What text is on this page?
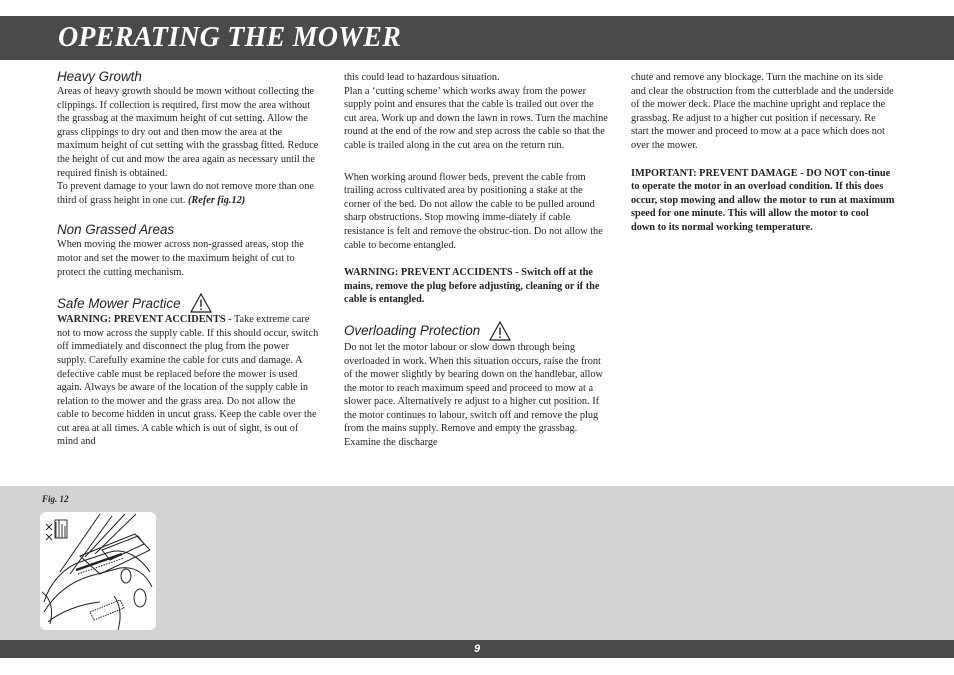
OPERATING THE MOWER
Heavy Growth

Areas of heavy growth should be mown without collecting the clippings. If collection is required, first mow the area without the grassbag at the maximum height of cut setting. Allow the grass clippings to dry out and then mow the area at the maximum height of cut setting with the grassbag fitted. Reduce the height of cut and mow the area again as necessary until the required finish is obtained.

To prevent damage to your lawn do not remove more than one third of grass height in one cut. (Refer fig.12)

Non Grassed Areas

When moving the mower across non-grassed areas, stop the motor and set the mower to the maximum height of cut to protect the cutting mechanism.

Safe Mower Practice

WARNING: PREVENT ACCIDENTS - Take extreme care not to mow across the supply cable. If this should occur, switch off immediately and disconnect the plug from the power supply. Carefully examine the cable for cuts and damage. A defective cable must be replaced before the mower is used again. Always be aware of the location of the supply cable in relation to the mower and the grass area. Do not allow the cable to become hidden in uncut grass. Keep the cable over the cut area at all times. A cable which is out of sight, is out of mind and

this could lead to hazardous situation.

Plan a ‘cutting scheme’ which works away from the power supply point and ensures that the cable is trailed out over the cut area. Work up and down the lawn in rows. Turn the machine round at the end of the row and step across the cable so that the cable is trailed along in the cut area on the return run.

When working around flower beds, prevent the cable from trailing across cultivated area by positioning a stake at the corner of the bed. Do not allow the cable to be pulled around sharp obstructions. Stop mowing imme-diately if cable resistance is felt and remove the obstruc-tion. Do not allow the cable to become entangled.

WARNING: PREVENT ACCIDENTS - Switch off at the mains, remove the plug before adjusting, cleaning or if the cable is entangled.

Overloading Protection

Do not let the motor labour or slow down through being overloaded in work. When this situation occurs, raise the front of the mower slightly by bearing down on the handlebar, allow the motor to reach maximum speed and proceed to mow at a slower pace. Alternatively re adjust to a higher cut position. If the motor continues to labour, switch off and remove the plug from the mains supply. Remove and empty the grassbag. Examine the discharge

chute and remove any blockage. Turn the machine on its side and clear the obstruction from the cutterblade and the underside of the mower deck. Place the machine upright and replace the grassbag. Re adjust to a higher cut position if necessary. Re start the mower and proceed to mow at a pace which does not over the mower.

IMPORTANT: PREVENT DAMAGE - DO NOT con-tinue to operate the motor in an overload condition. If this does occur, stop mowing and allow the motor to run at maximum speed for one minute. This will allow the motor to cool down to its normal working temperature.

Fig. 12
9
